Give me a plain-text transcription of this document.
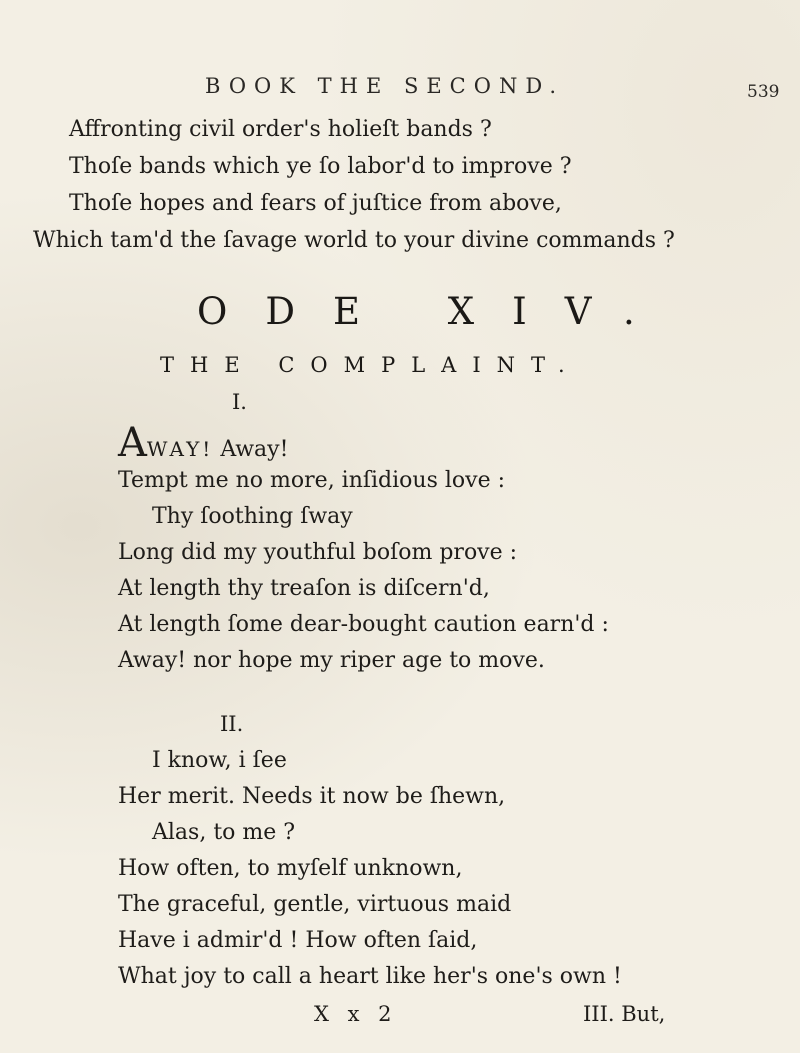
BOOK THE SECOND.	539
Affronting civil order's holieſt bands ?
Thoſe bands which ye ſo labor'd to improve ?
Thoſe hopes and fears of juſtice from above,
Which tam'd the ſavage world to your divine commands ?
ODE XIV.
THE COMPLAINT.
I.
AWAY! Away!
Tempt me no more, inſidious love :
Thy ſoothing ſway
Long did my youthful boſom prove :
At length thy treaſon is diſcern'd,
At length ſome dear-bought caution earn'd :
Away! nor hope my riper age to move.
II.
I know, i ſee
Her merit. Needs it now be ſhewn,
Alas, to me ?
How often, to myſelf unknown,
The graceful, gentle, virtuous maid
Have i admir'd ! How often ſaid,
What joy to call a heart like her's one's own !
X x 2	III. But,
